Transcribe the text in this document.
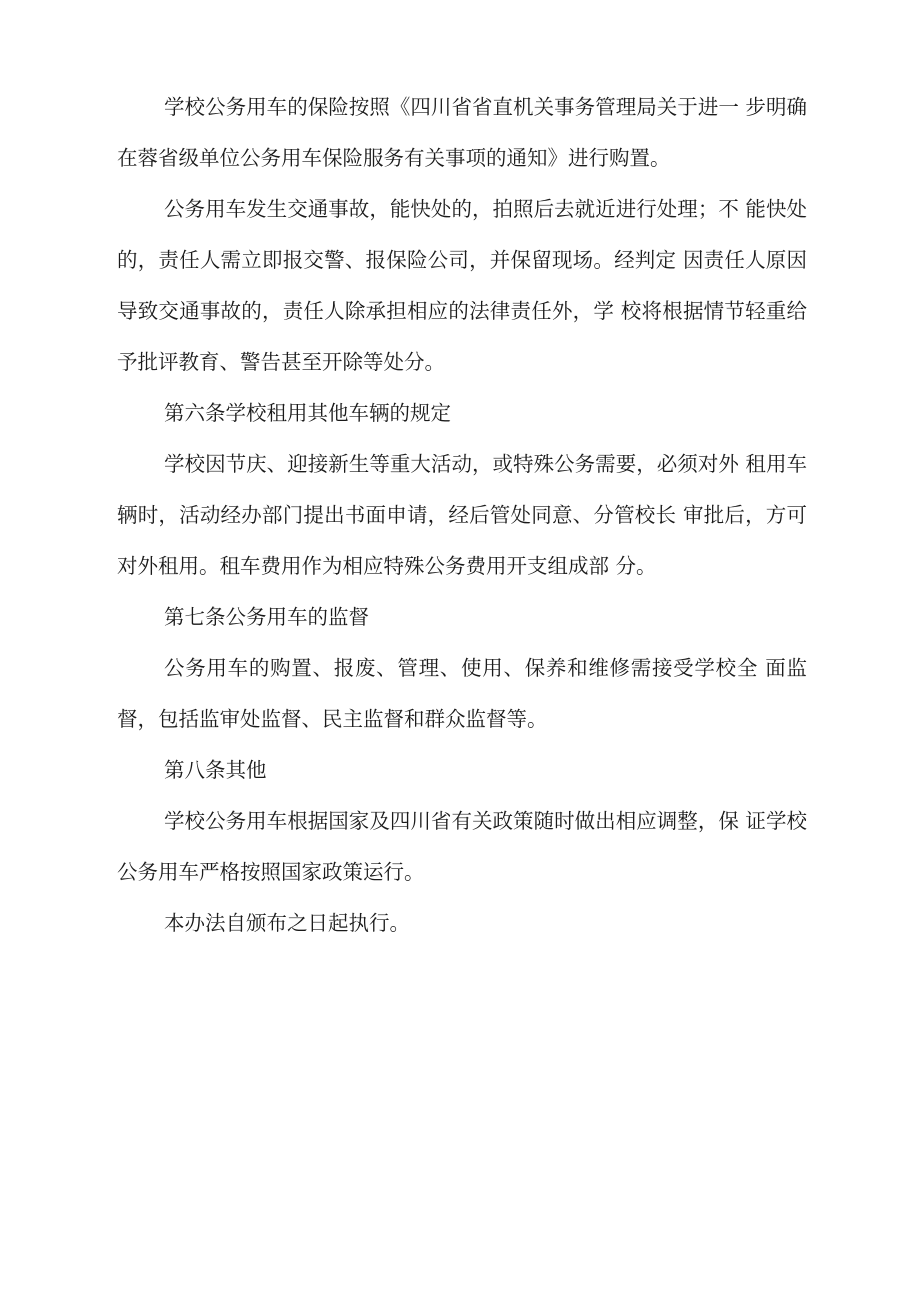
学校公务用车的保险按照《四川省省直机关事务管理局关于进一 步明确在蓉省级单位公务用车保险服务有关事项的通知》进行购置。

公务用车发生交通事故，能快处的，拍照后去就近进行处理；不 能快处的，责任人需立即报交警、报保险公司，并保留现场。经判定 因责任人原因导致交通事故的，责任人除承担相应的法律责任外，学 校将根据情节轻重给予批评教育、警告甚至开除等处分。

第六条学校租用其他车辆的规定

学校因节庆、迎接新生等重大活动，或特殊公务需要，必须对外 租用车辆时，活动经办部门提出书面申请，经后管处同意、分管校长 审批后，方可对外租用。租车费用作为相应特殊公务费用开支组成部 分。

第七条公务用车的监督

公务用车的购置、报废、管理、使用、保养和维修需接受学校全 面监督，包括监审处监督、民主监督和群众监督等。

第八条其他

学校公务用车根据国家及四川省有关政策随时做出相应调整，保 证学校公务用车严格按照国家政策运行。

本办法自颁布之日起执行。
